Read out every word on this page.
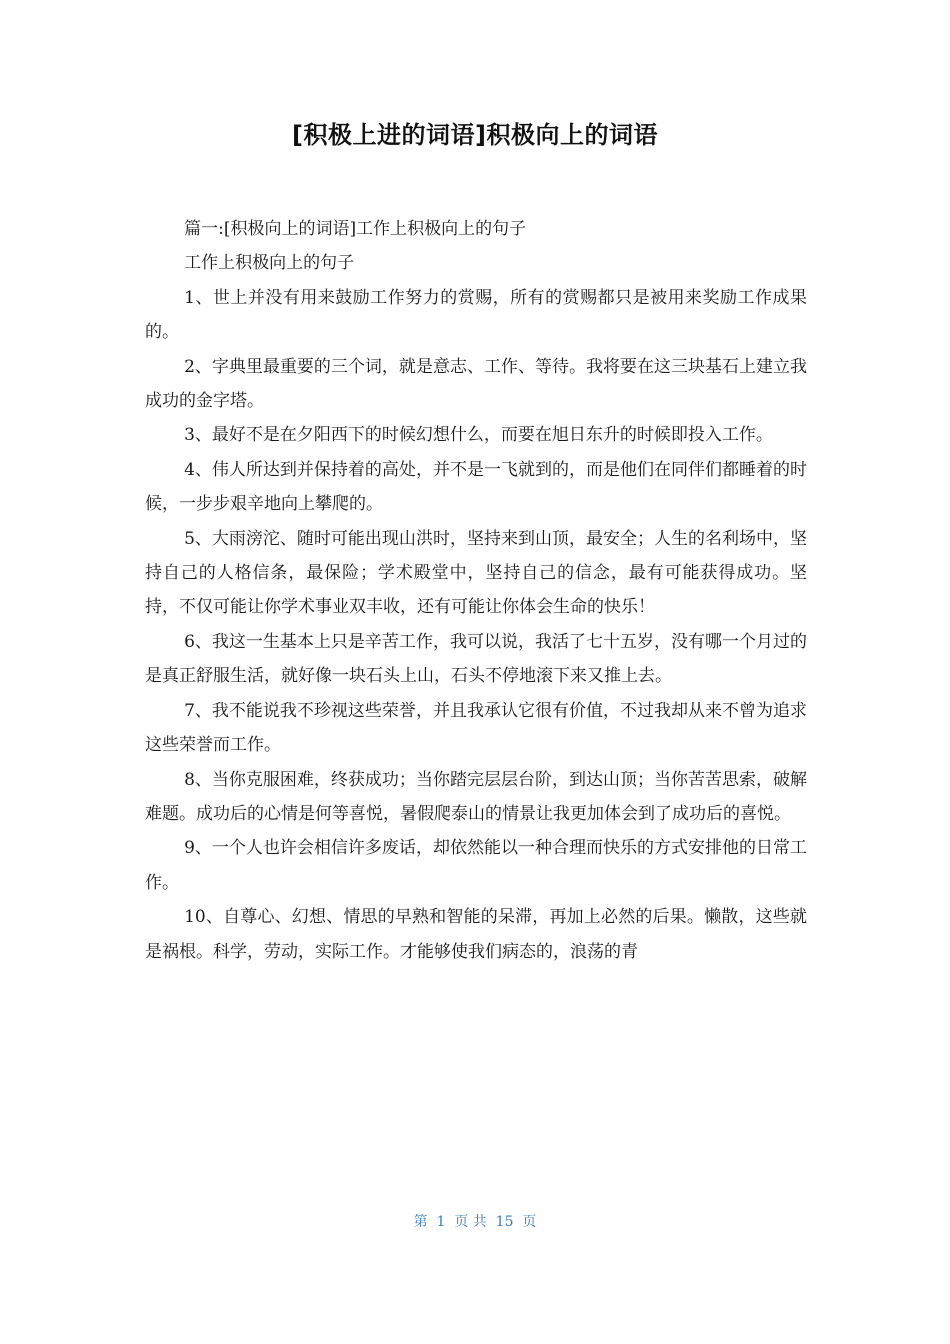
[积极上进的词语]积极向上的词语

篇一:[积极向上的词语]工作上积极向上的句子

工作上积极向上的句子

1、世上并没有用来鼓励工作努力的赏赐，所有的赏赐都只是被用来奖励工作成果的。

2、字典里最重要的三个词，就是意志、工作、等待。我将要在这三块基石上建立我成功的金字塔。

3、最好不是在夕阳西下的时候幻想什么，而要在旭日东升的时候即投入工作。

4、伟人所达到并保持着的高处，并不是一飞就到的，而是他们在同伴们都睡着的时候，一步步艰辛地向上攀爬的。

5、大雨滂沱、随时可能出现山洪时，坚持来到山顶，最安全；人生的名利场中，坚持自己的人格信条，最保险；学术殿堂中，坚持自己的信念，最有可能获得成功。坚持，不仅可能让你学术事业双丰收，还有可能让你体会生命的快乐！

6、我这一生基本上只是辛苦工作，我可以说，我活了七十五岁，没有哪一个月过的是真正舒服生活，就好像一块石头上山，石头不停地滚下来又推上去。

7、我不能说我不珍视这些荣誉，并且我承认它很有价值，不过我却从来不曾为追求这些荣誉而工作。

8、当你克服困难，终获成功；当你踏完层层台阶，到达山顶；当你苦苦思索，破解难题。成功后的心情是何等喜悦，暑假爬泰山的情景让我更加体会到了成功后的喜悦。

9、一个人也许会相信许多废话，却依然能以一种合理而快乐的方式安排他的日常工作。

10、自尊心、幻想、情思的早熟和智能的呆滞，再加上必然的后果。懒散，这些就是祸根。科学，劳动，实际工作。才能够使我们病态的，浪荡的青

第  1  页 共  15  页
